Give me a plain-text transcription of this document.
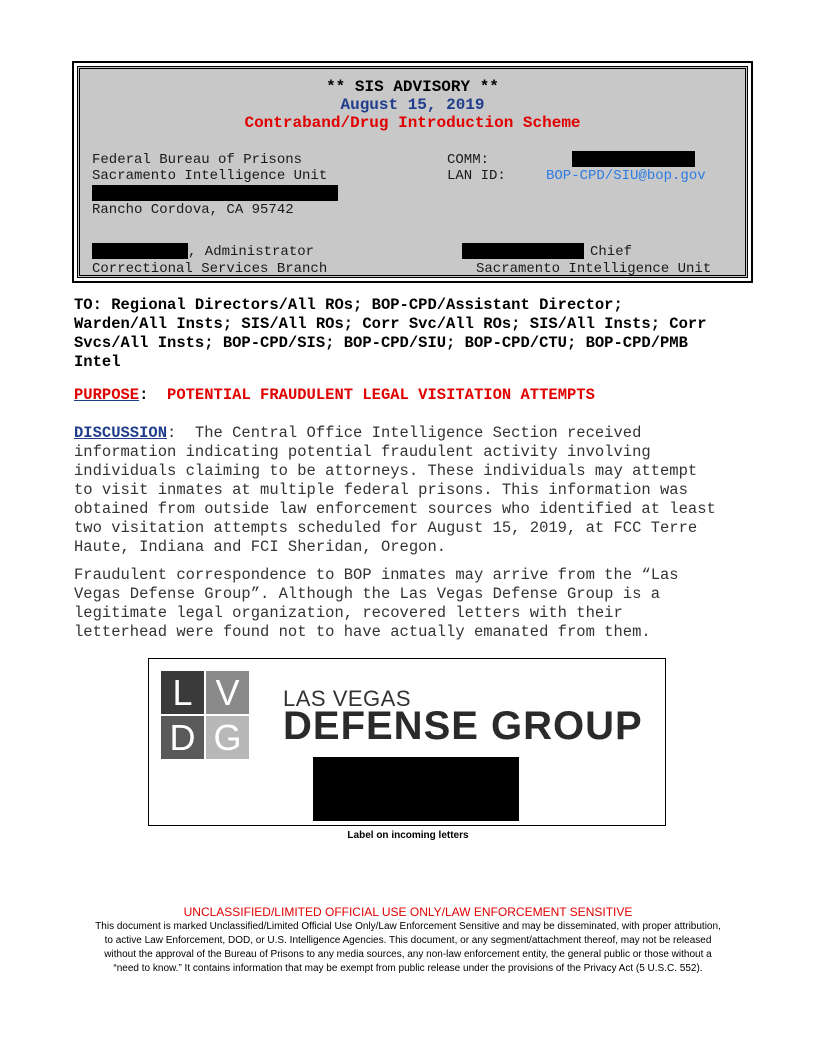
** SIS ADVISORY **
August 15, 2019
Contraband/Drug Introduction Scheme
Federal Bureau of Prisons
Sacramento Intelligence Unit
Rancho Cordova, CA 95742
COMM:
LAN ID:	BOP-CPD/SIU@bop.gov
, Administrator
Correctional Services Branch
Chief
Sacramento Intelligence Unit
TO: Regional Directors/All ROs; BOP-CPD/Assistant Director;
Warden/All Insts; SIS/All ROs; Corr Svc/All ROs; SIS/All Insts; Corr
Svcs/All Insts; BOP-CPD/SIS; BOP-CPD/SIU; BOP-CPD/CTU; BOP-CPD/PMB
Intel
PURPOSE:  POTENTIAL FRAUDULENT LEGAL VISITATION ATTEMPTS
DISCUSSION:  The Central Office Intelligence Section received
information indicating potential fraudulent activity involving
individuals claiming to be attorneys. These individuals may attempt
to visit inmates at multiple federal prisons. This information was
obtained from outside law enforcement sources who identified at least
two visitation attempts scheduled for August 15, 2019, at FCC Terre
Haute, Indiana and FCI Sheridan, Oregon.
Fraudulent correspondence to BOP inmates may arrive from the “Las
Vegas Defense Group”. Although the Las Vegas Defense Group is a
legitimate legal organization, recovered letters with their
letterhead were found not to have actually emanated from them.
L V
D G
LAS VEGAS
DEFENSE GROUP
Label on incoming letters
UNCLASSIFIED/LIMITED OFFICIAL USE ONLY/LAW ENFORCEMENT SENSITIVE
This document is marked Unclassified/Limited Official Use Only/Law Enforcement Sensitive and may be disseminated, with proper attribution,
to active Law Enforcement, DOD, or U.S. Intelligence Agencies. This document, or any segment/attachment thereof, may not be released
without the approval of the Bureau of Prisons to any media sources, any non-law enforcement entity, the general public or those without a
“need to know.” It contains information that may be exempt from public release under the provisions of the Privacy Act (5 U.S.C. 552).
